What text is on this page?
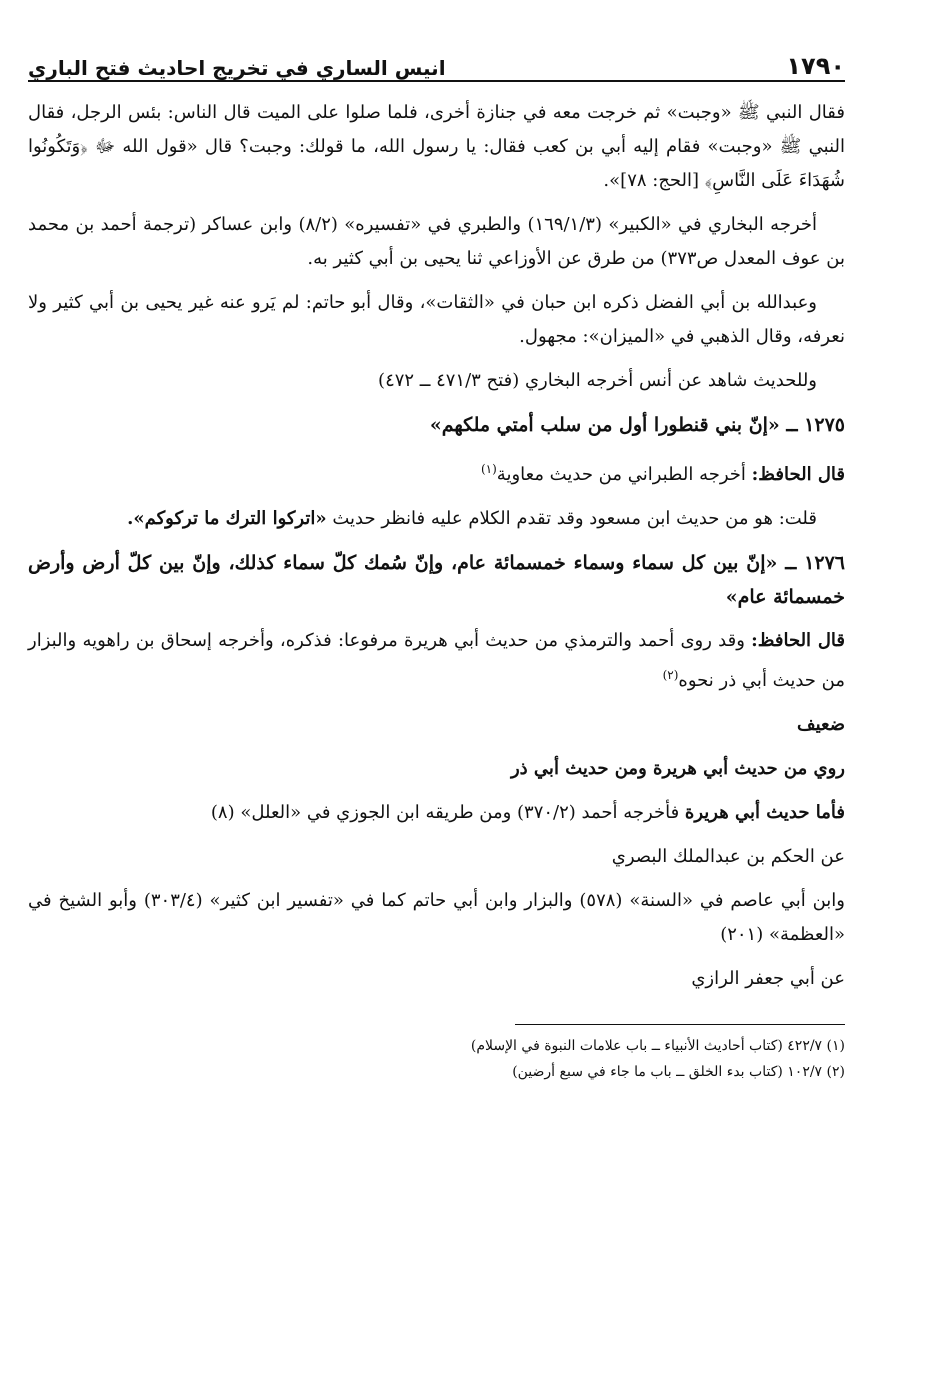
١٧٩٠
انيس الساري في تخريج احاديث فتح الباري

فقال النبي ﷺ «وجبت» ثم خرجت معه في جنازة أخرى، فلما صلوا على الميت قال الناس: بئس الرجل، فقال النبي ﷺ «وجبت» فقام إليه أبي بن كعب فقال: يا رسول الله، ما قولك: وجبت؟ قال «قول الله ﷻ ﴿وَتَكُونُوا شُهَدَاءَ عَلَى النَّاسِ﴾ [الحج: ٧٨]».

أخرجه البخاري في «الكبير» (١٦٩/١/٣) والطبري في «تفسيره» (٨/٢) وابن عساكر (ترجمة أحمد بن محمد بن عوف المعدل ص٣٧٣) من طرق عن الأوزاعي ثنا يحيى بن أبي كثير به.

وعبدالله بن أبي الفضل ذكره ابن حبان في «الثقات»، وقال أبو حاتم: لم يَرو عنه غير يحيى بن أبي كثير ولا نعرفه، وقال الذهبي في «الميزان»: مجهول.

وللحديث شاهد عن أنس أخرجه البخاري (فتح ٤٧١/٣ ــ ٤٧٢)

١٢٧٥ ــ «إنّ بني قنطورا أول من سلب أمتي ملكهم»

قال الحافظ: أخرجه الطبراني من حديث معاوية$^{(١)}$

قلت: هو من حديث ابن مسعود وقد تقدم الكلام عليه فانظر حديث «اتركوا الترك ما تركوكم».

١٢٧٦ ــ «إنّ بين كل سماء وسماء خمسمائة عام، وإنّ سُمك كلّ سماء كذلك، وإنّ بين كلّ أرض وأرض خمسمائة عام»

قال الحافظ: وقد روى أحمد والترمذي من حديث أبي هريرة مرفوعا: فذكره، وأخرجه إسحاق بن راهويه والبزار من حديث أبي ذر نحوه$^{(٢)}$

ضعيف

روي من حديث أبي هريرة ومن حديث أبي ذر

فأما حديث أبي هريرة فأخرجه أحمد (٣٧٠/٢) ومن طريقه ابن الجوزي في «العلل» (٨)

عن الحكم بن عبدالملك البصري

وابن أبي عاصم في «السنة» (٥٧٨) والبزار وابن أبي حاتم كما في «تفسير ابن كثير» (٣٠٣/٤) وأبو الشيخ في «العظمة» (٢٠١)

عن أبي جعفر الرازي

(١) ٤٢٢/٧ (كتاب أحاديث الأنبياء ــ باب علامات النبوة في الإسلام)
(٢) ١٠٢/٧ (كتاب بدء الخلق ــ باب ما جاء في سبع أرضين)
